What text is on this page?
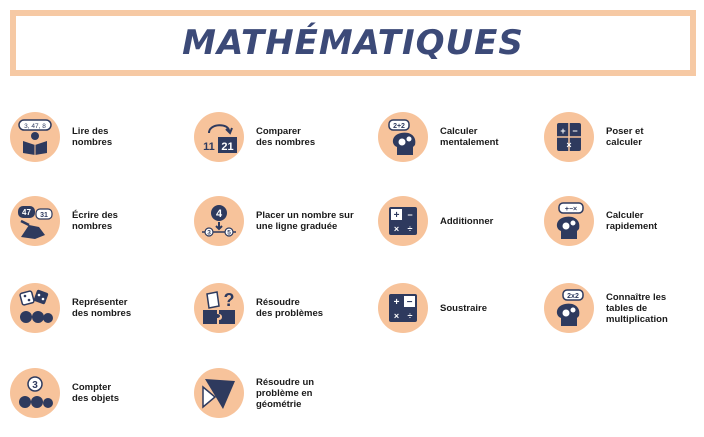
MATHÉMATIQUES
3, 47, 8	Lire des
nombres	11 21
Comparer
des nombres
2+2	Calculer
mentalement
+ −
×
Poser et
calculer
47 31	Écrire des
nombres
4
3	5
Placer un nombre sur
une ligne graduée
+ −
× ÷
Additionner
+−×
Calculer
rapidement
Représenter
des nombres
? Résoudre
des problèmes
+ −
× ÷
Soustraire
2x2	Connaître les
tables de
multiplication
3	Compter
des objets
Résoudre un
problème en
géométrie
